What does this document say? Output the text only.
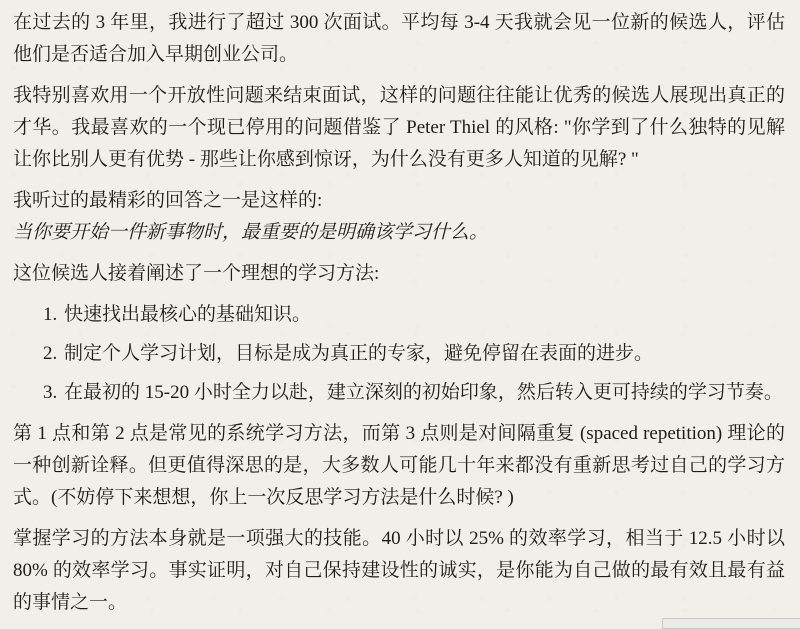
在过去的 3 年里，我进行了超过 300 次面试。平均每 3-4 天我就会见一位新的候选人，评估他们是否适合加入早期创业公司。

我特别喜欢用一个开放性问题来结束面试，这样的问题往往能让优秀的候选人展现出真正的才华。我最喜欢的一个现已停用的问题借鉴了 Peter Thiel 的风格: "你学到了什么独特的见解让你比别人更有优势 - 那些让你感到惊讶，为什么没有更多人知道的见解? "

我听过的最精彩的回答之一是这样的:

当你要开始一件新事物时，最重要的是明确该学习什么。

这位候选人接着阐述了一个理想的学习方法:

1. 快速找出最核心的基础知识。
2. 制定个人学习计划，目标是成为真正的专家，避免停留在表面的进步。
3. 在最初的 15-20 小时全力以赴，建立深刻的初始印象，然后转入更可持续的学习节奏。

第 1 点和第 2 点是常见的系统学习方法，而第 3 点则是对间隔重复 (spaced repetition) 理论的一种创新诠释。但更值得深思的是，大多数人可能几十年来都没有重新思考过自己的学习方式。(不妨停下来想想，你上一次反思学习方法是什么时候? )

掌握学习的方法本身就是一项强大的技能。40 小时以 25% 的效率学习，相当于 12.5 小时以 80% 的效率学习。事实证明，对自己保持建设性的诚实，是你能为自己做的最有效且最有益的事情之一。
